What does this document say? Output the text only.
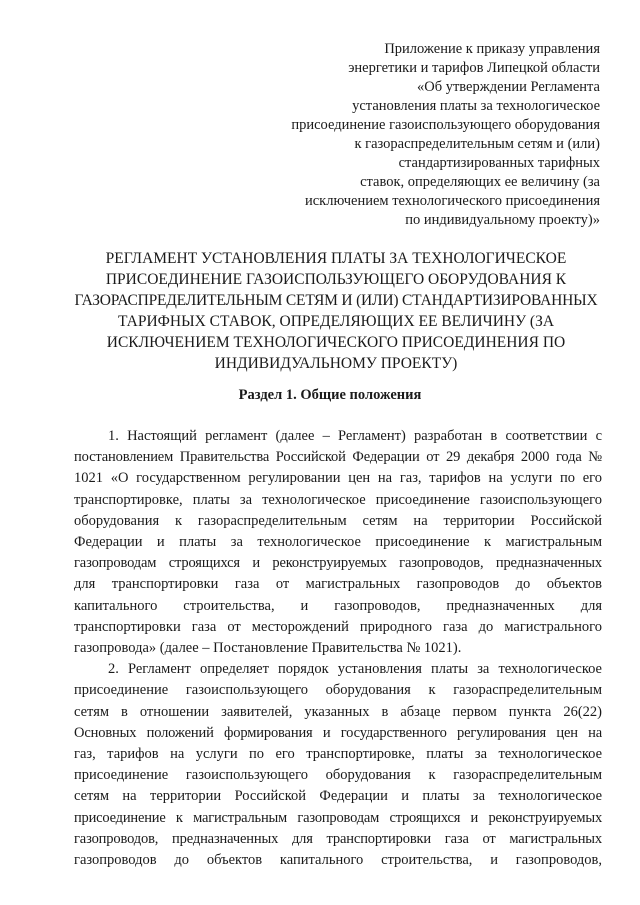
Приложение к приказу управления
энергетики и тарифов Липецкой области
«Об утверждении Регламента
установления платы за технологическое
присоединение газоиспользующего оборудования
к газораспределительным сетям и (или)
стандартизированных тарифных
ставок, определяющих ее величину (за
исключением технологического присоединения
по индивидуальному проекту)»
РЕГЛАМЕНТ УСТАНОВЛЕНИЯ ПЛАТЫ ЗА ТЕХНОЛОГИЧЕСКОЕ
ПРИСОЕДИНЕНИЕ ГАЗОИСПОЛЬЗУЮЩЕГО ОБОРУДОВАНИЯ К
ГАЗОРАСПРЕДЕЛИТЕЛЬНЫМ СЕТЯМ И (ИЛИ) СТАНДАРТИЗИРОВАННЫХ
ТАРИФНЫХ СТАВОК, ОПРЕДЕЛЯЮЩИХ ЕЕ ВЕЛИЧИНУ (ЗА
ИСКЛЮЧЕНИЕМ ТЕХНОЛОГИЧЕСКОГО ПРИСОЕДИНЕНИЯ ПО
ИНДИВИДУАЛЬНОМУ ПРОЕКТУ)
Раздел 1. Общие положения
1. Настоящий регламент (далее – Регламент) разработан в соответствии с
постановлением Правительства Российской Федерации от 29 декабря 2000 года №
1021 «О государственном регулировании цен на газ, тарифов на услуги по его
транспортировке, платы за технологическое присоединение газоиспользующего
оборудования к газораспределительным сетям на территории Российской
Федерации и платы за технологическое присоединение к магистральным
газопроводам строящихся и реконструируемых газопроводов, предназначенных
для транспортировки газа от магистральных газопроводов до объектов
капитального строительства, и газопроводов, предназначенных для
транспортировки газа от месторождений природного газа до магистрального
газопровода» (далее – Постановление Правительства № 1021).
2. Регламент определяет порядок установления платы за технологическое
присоединение газоиспользующего оборудования к газораспределительным
сетям в отношении заявителей, указанных в абзаце первом пункта 26(22)
Основных положений формирования и государственного регулирования цен на
газ, тарифов на услуги по его транспортировке, платы за технологическое
присоединение газоиспользующего оборудования к газораспределительным
сетям на территории Российской Федерации и платы за технологическое
присоединение к магистральным газопроводам строящихся и реконструируемых
газопроводов, предназначенных для транспортировки газа от магистральных
газопроводов до объектов капитального строительства, и газопроводов,
